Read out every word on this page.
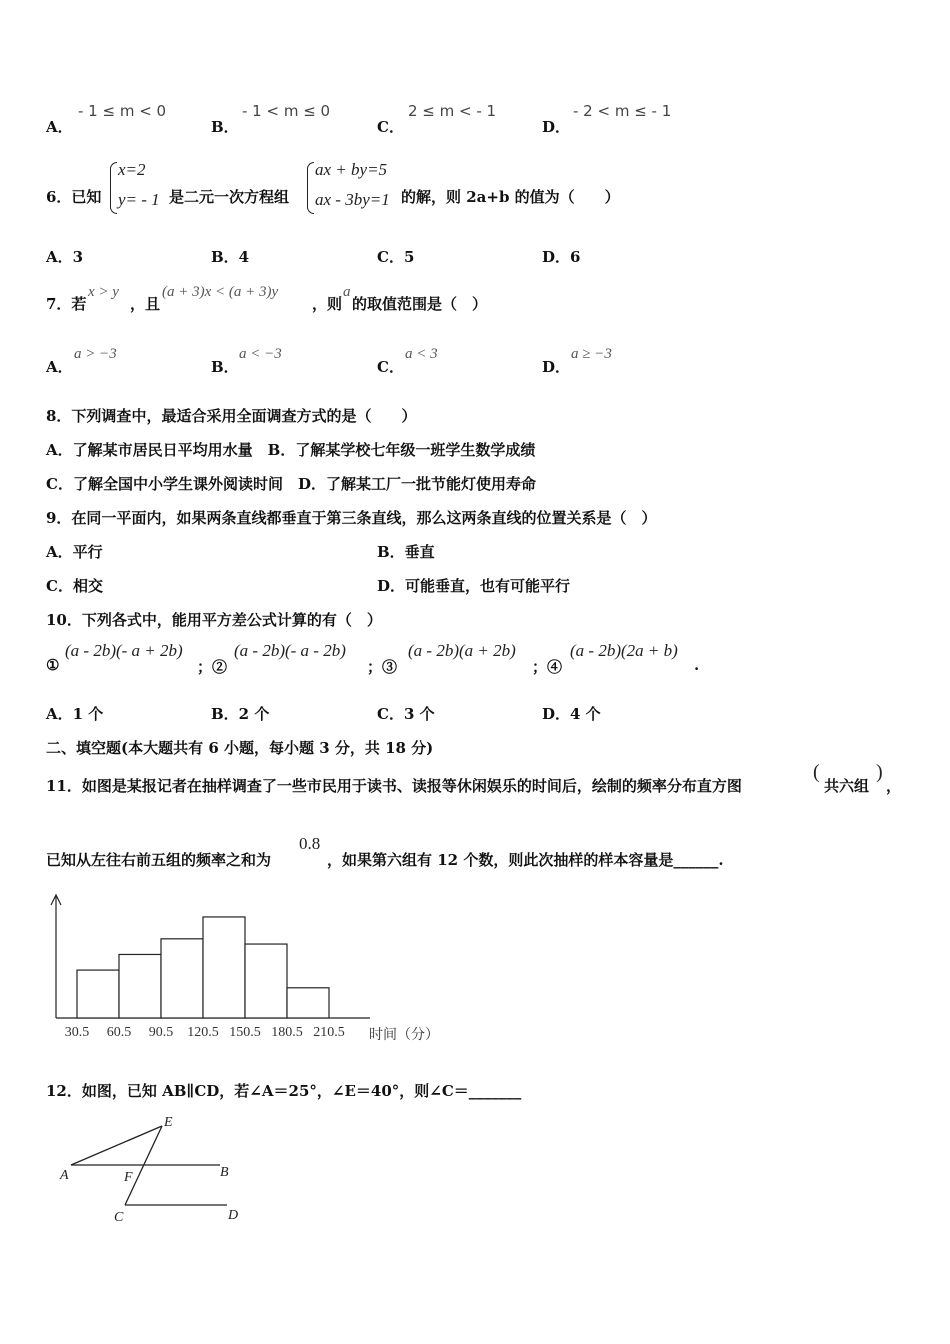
A．
- 1 ≤ m < 0
B．
- 1 < m ≤ 0
C．
2 ≤ m < - 1
D．
- 2 < m ≤ - 1
6．已知
x=2
y= - 1 是二元一次方程组
ax + by=5
ax - 3by=1 的解，则 2a+b 的值为（　　）
A．3	B．4	C．5	D．6
7．若
x > y
，且
(a + 3)x < (a + 3)y
，则
a
的取值范围是（　）
A．
a > −3
B．
a < −3
C．
a < 3
D．
a ≥ −3
8．下列调查中，最适合采用全面调查方式的是（　　）
A．了解某市居民日平均用水量　B．了解某学校七年级一班学生数学成绩
C．了解全国中小学生课外阅读时间　D．了解某工厂一批节能灯使用寿命
9．在同一平面内，如果两条直线都垂直于第三条直线，那么这两条直线的位置关系是（　）
A．平行	B．垂直
C．相交	D．可能垂直，也有可能平行
10．下列各式中，能用平方差公式计算的有（　）
①
(a - 2b)(- a + 2b)
；②
(a - 2b)(- a - 2b)
；③
(a - 2b)(a + 2b)
；④
(a - 2b)(2a + b)
.
A．1 个	B．2 个	C．3 个	D．4 个
二、填空题(本大题共有 6 小题，每小题 3 分，共 18 分)
11．如图是某报记者在抽样调查了一些市民用于读书、读报等休闲娱乐的时间后，绘制的频率分布直方图
(
共六组
)
，
已知从左往右前五组的频率之和为
0.8
，如果第六组有 12 个数，则此次抽样的样本容量是______.
30.5 60.5 90.5 120.5 150.5 180.5 210.5 时间（分）
12．如图，已知 AB∥CD，若∠A＝25°，∠E＝40°，则∠C＝_______
E
A	F	B
C	D
